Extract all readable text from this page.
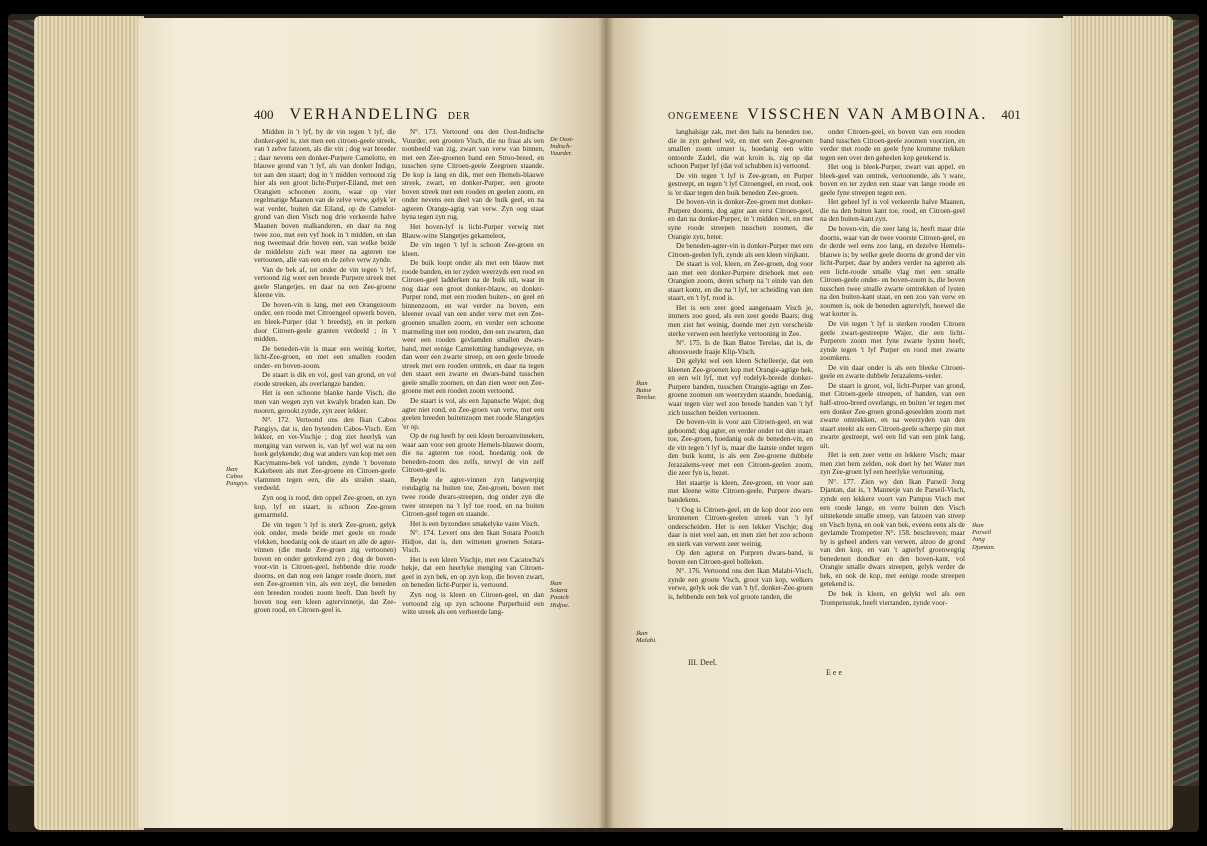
400 VERHANDELING DER

Midden in 't lyf, by de vin tegen 't lyf, die donker-geel is, ziet men een citroen-geele streek, van 't zelve fatzoen, als die vin ; dog wat breeder ; daar nevens een donker-Purpere Camelotte, en blauwe grond van 't lyf, als van donker Indigo, tot aan den staart; dog in 't midden vertoond zig hier als een groot licht-Purper-Eiland, met een Orangien schoonen zoom, waar op vier regelmatige Maanen van de zelve verw, gelyk 'er wat verder, buiten dat Eiland, op de Camelot-grond van dien Visch nog drie verkeerde halve Maanen boven malkanderen, en daar na nog twee zoo, met een vyf hoek in 't midden, en dan nog tweemaal drie boven een, van welke beide de middelste zich wat meer na agteren toe vertoonen, alle van een en de zelve verw zynde.

Van de bek af, tot onder de vin tegen 't lyf, vertoond zig weer een breede Purpere streek met geele Slangetjes, en daar na een Zee-groene kleene vin.

De boven-vin is lang, met een Orangezoom onder, een roode met Citroengeel opwerk boven, en bleek-Purper (dat 't breedst), en in perken door Citroen-geele granten verdeeld ; in 't midden.

De beneden-vin is maar een weinig korter, licht-Zee-groen, en met een smallen rooden onder- en boven-zoom.

De staart is dik en vol, geel van grond, en vol roode streeken, als overlangze banden.

Het is een schoone blanke harde Visch, die men van wegen zyn vet kwalyk braden kan. De nooren, gerookt zynde, zyn zeer lekker.

N°. 172. Vertoond ons den Ikan Cabos Pangiys, dat is, den bytenden Cabos-Visch. Een lekker, en vet-Vischje ; dog ziet heerlyk van menging van verwen is, van lyf wel wat na een hoek gelykende; dog wat anders van kop met een Kacymanns-bek vol tanden, zynde 't bovenste Kakebeen als met Zee-groene en Citroen-geele vlammen tegen een, die als stralen staan, verdeeld.

Zyn oog is rood, den oppel Zee-groen, en zyn kop, lyf en staart, is schoon Zee-groen gemarmeld.

De vin tegen 't lyf is sterk Zee-groen, gelyk ook onder, mede beide met geele en roode vlekken, hoedanig ook de staart en alle de agter-vinnen (die mede Zee-groen zig vertoonen) boven en onder getrekend zyn ; dog de boven-voor-vin is Citroen-geel, hebbende drie roode doorns, en dan nog een langer roede doorn, met een Zee-groenen vin, als een zeyl, die beneden een breeden rooden zoom heeft. Dan heeft hy boven nog een kleen agtervinnetje, dat Zee-groen rood, en Citroen-geel is.

N°. 173. Vertoond ons den Oost-Indische Vuurder, een grooten Visch, die nu fraai als een toonbeeld van zig, zwart van verw van binnen, met een Zee-groenen band een Stroo-breed, en tusschen syne Citroen-geele Zeegroen staande. De kop is lang en dik, met een Hemels-blauwe streek, zwart, en donker-Purper, een groote boven streek met een rooden en geelen zoom, en onder nevens een deel van de buik geel, en na agteren Orange-agtig van verw. Zyn oog staat byna tegen zyn rug.

Het boven-lyf is licht-Purper verwig met Blauw-witte Slangetjes gekameleot,

De vin tegen 't lyf is schoon Zee-groen en kleen.

De buik loopt onder als met een blauw met roode banden, en ter zyden weerzyds een rood en Citroen-geel ladderken na de buik uit, waar in nog daar een groot donker-blauw, en donker-Purper rond, met een rooden buiten-, en geel en binnenzoom, en wat verder na boven, een kleener ovaal van een ander verw met een Zee-groenen smallen zoom, en verder een schoone marmeling met een rooden, den een zwarten, dan weer een rooden gevlamden smallen dwars-band, met eenige Camelotting bandsgewyze, en dan weer een zwarte streep, en een geele breede streek met een rooden omtrek, en daar na tegen den staart een zwarte en dwars-band tusschen geele smalle zoomen, en dan zien weer een Zee-groene met een rooden zoom vertoond.

De staart is vol, als een Japansche Wajer, dog agter niet rond, en Zee-groen van verw, met een geelen breeden buitenzoom met roode Slangetjes 'er op.

Op de rug heeft hy een kleen beroanvinneken, waar aan voor een groote Hemels-blauwe doorn, die na agteren toe rood, hoedanig ook de beneden-zoom des zelfs, terwyl de vin zelf Citroen-geel is.

Beyde de agter-vinnen zyn langwerpig rondagtig na buiten toe, Zee-groen, boven met twee roode dwars-streepen, dog onder zyn die twee streepen na 't lyf toe rood, en na buiten Citroen-geel tegen en staande.

Het is een byzondere smakelyke vaste Visch.

N°. 174. Levert ons den Ikan Sotara Pootch Hidjoe, dat is, den wittenen groenen Sotara-Visch.

Het is een kleen Vischje, met een Cacatocha's bekje, dat een heerlyke menging van Citroen-geel in zyn bek, en op zyn kop, die boven zwart, en beneden licht-Purper is, vertoond.

Zyn oog is kleen en Citroen-geel, en dan vertoond zig op zyn schoone Purperhuid een witte streek als een verheerde lang-

De Oost-Indisch-Vuurder.
Ikan Cabos Pangiys.
Ikan Sotara Pootch Hidjoe.
ONGEMEENE VISSCHEN VAN AMBOINA. 401

langhalsige zak, met den hals na beneden toe, die in zyn geheel wit, en met een Zee-groenen smallen zoom omzet is, hoedanig een witte ontoorde Zadel, die wat kroin is, zig op dat schoon Purper lyf (dat vol schubben is) vertoond.

De vin tegen 't lyf is Zee-groen, en Purper gestreept, en tegen 't lyf Citroengeel, en rood, ook is 'er daar tegen den buik beneden Zee-groen.

De boven-vin is donker-Zee-groen met donker-Purpere doorns, dog agter aan eerst Citroen-geel, en dan na donker-Purper, in 't midden wit, en met syne roode streepen tusschen zoomen, die Orangie zyn, heter.

De beneden-agter-vin is donker-Purper met een Citroen-geelen lyft, zynde als een kleen vinjkant.

De staart is vol, kleen, en Zee-groen, dog voor aan met een donker-Purpere driehoek met een Orangien zoom, deren scherp na 't einde van den staart komt, en die na 't lyf, ter scheiding van den staart, en 't lyf, rood is.

Het is een zeer goed aangenaam Visch je, immers zoo goed, als een zeer goede Baars; dog men ziet het weinig, doende met zyn verscheide sterke verwen een heerlyke vertooning in Zee.

N°. 175. Is de Ikan Batoe Terelae, dat is, de altoosvoede fraaje Klip-Visch.

Dit gelykt wel een kleen Schelleerje, dat een kleenen Zee-groenen kop met Orangie-agtige bek, en een wit lyf, met vyf rodelyk-breede donker-Purpere banden, tusschen Orangie-agtige en Zee-groene zoomen om weerzyden staande, hoedanig, waar tegen vier wel zoo breede banden van 't lyf zich tusschen beiden vertoonen.

De boven-vin is voor aan Citroen-geel, en wat geboomd; dog agter, en verder onder tot den staart toe, Zee-groen, hoedanig ook de beneden-vin, en de vin tegen 't lyf is, maar die laatste onder tegen den buik komt, is als een Zee-groene dubbele Jerazalems-veer met een Citroen-geelen zoom, die zeer fyn is, bezet.

Het staartje is kleen, Zee-groen, en voor aan met kleene witte Citroen-geele, Purpere dwars-bandekens.

't Oog is Citroen-geel, en de kop door zoo een kronnenen Citroen-geelen streek van 't lyf onderscheiden. Het is een lekker Vischje; dog daar is niet veel aan, en men ziet het zoo schoon en sterk van verwen zeer weinig.

Op den agterst en Purpren dwars-band, is boven een Citroen-geel bolleken.

N°. 176. Vertoond ons den Ikan Malabi-Visch, zynde een groote Visch, groot van kop, welkers verwe, gelyk ook die van 't lyf, donker-Zee-groen is, hebbende een bek vol groote tanden, die

onder Citroen-geel, en boven van een rooden band tusschen Citroen-geele zoomen voorzien, en verder met roode en geele fyne kromme trekken tegen een over den geheelen kop getekend is.

Het oog is bleek-Purper, zwart van appel, en bleek-geel van omtrek, vertoonende, als 't ware, boven en ter zyden een staar van lange roode en geele fyne streepen tegen een.

Het geheel lyf is vol verkeerde halve Maanen, die na den buiten kant toe, rood, en Citroen-geel na den buiten-kant zyn.

De boven-vin, die zeer lang is, heeft maar drie doorns, waar van de twee voorste Citroen-geel, en de derde wel eens zoo lang, en dezelve Hemels-blauwe is; by welke geele doorns de grond der vin licht-Purper, daar by anders verder na agteren als een licht-roode smalle vlag met een smalle Citroen-geele onder- en boven-zoom is, die boven tusschen twee smalle zwarte omtrekken of lysten na den buiten-kant staat, en een zoo van verw en zoomen is, ook de beneden agtervlyft, hoewel die wat korter is.

De vin tegen 't lyf is sterken rooden Citroen geele zwart-gestreepte Wajer, die een licht-Purperen zoom met fyne zwarte lysten heeft, zynde tegen 't lyf Purper en rood met zwarte zoomkens.

De vin daar onder is als een bleeke Citroen-geele en zwarte dubbele Jerazalems-veder.

De staart is groot, vol, licht-Purper van grond, met Citroen-geele streepen, of banden, van een half-stroo-breed overlangs, en buiten 'er tegen met een donker Zee-groen grond-geseelden zoom met zwarte omtrekken, en na weerzyden van den staart steekt als een Citroen-geele scherpe pin met zwarte gestreept, wel een lid van een pink lang, uit.

Het is een zeer vette en lekkere Visch; maar men ziet hem zelden, ook doet hy het Water met zyn Zee-groen lyf een heerlyke vertooning.

N°. 177. Zien wy den Ikan Parseil Jong Djantan, dat is, 't Mannetje van de Parseil-Visch, zynde een lekkere voort van Pampus Visch met een roode lange, en verre buiten den Visch uitstekende smalle streep, van fatzoen van streep en Visch byna, en ook van bek, eveens eens als de gevlamde Trompetter N°. 158. beschreven; maar hy is geheel anders van verwen, alzoo de grond van den kop, en van 't agterlyf groenwegtig benedenen dondker en den boven-kant, vol Orangie smalle dwars streepen, gelyk verder de bek, en ook de kop, met eenige roode streepen getekend is.

De bek is kleen, en gelykt wel als een Trompetsstuk, heeft viertanden, zynde voor-

Ikan Batoe Terelae.
Ikan Malabi.
Ikan Parseil Jong Djantan.
III. Deel.
E e e
